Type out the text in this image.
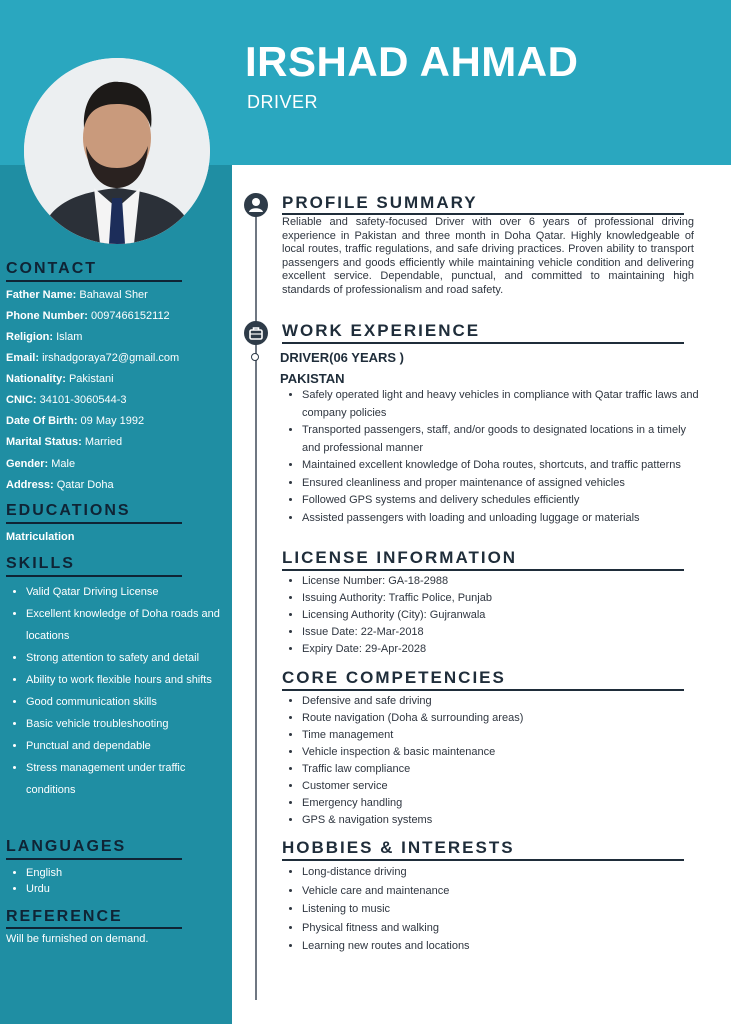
IRSHAD AHMAD
DRIVER
CONTACT
Father Name: Bahawal Sher
Phone Number: 0097466152112
Religion: Islam
Email: irshadgoraya72@gmail.com
Nationality: Pakistani
CNIC: 34101-3060544-3
Date Of Birth: 09 May 1992
Marital Status: Married
Gender: Male
Address: Qatar Doha
EDUCATIONS
Matriculation
SKILLS
• Valid Qatar Driving License
• Excellent knowledge of Doha roads and locations
• Strong attention to safety and detail
• Ability to work flexible hours and shifts
• Good communication skills
• Basic vehicle troubleshooting
• Punctual and dependable
• Stress management under traffic conditions
LANGUAGES
• English
• Urdu
REFERENCE
Will be furnished on demand.
PROFILE SUMMARY

Reliable and safety-focused Driver with over 6 years of professional driving experience in Pakistan and three month in Doha Qatar. Highly knowledgeable of local routes, traffic regulations, and safe driving practices. Proven ability to transport passengers and goods efficiently while maintaining vehicle condition and delivering excellent service. Dependable, punctual, and committed to maintaining high standards of professionalism and road safety.

WORK EXPERIENCE
DRIVER(06 YEARS )
PAKISTAN
• Safely operated light and heavy vehicles in compliance with Qatar traffic laws and company policies
• Transported passengers, staff, and/or goods to designated locations in a timely and professional manner
• Maintained excellent knowledge of Doha routes, shortcuts, and traffic patterns
• Ensured cleanliness and proper maintenance of assigned vehicles
• Followed GPS systems and delivery schedules efficiently
• Assisted passengers with loading and unloading luggage or materials
LICENSE INFORMATION
• License Number: GA-18-2988
• Issuing Authority: Traffic Police, Punjab
• Licensing Authority (City): Gujranwala
• Issue Date: 22-Mar-2018
• Expiry Date: 29-Apr-2028
CORE COMPETENCIES
• Defensive and safe driving
• Route navigation (Doha & surrounding areas)
• Time management
• Vehicle inspection & basic maintenance
• Traffic law compliance
• Customer service
• Emergency handling
• GPS & navigation systems
HOBBIES & INTERESTS
• Long-distance driving
• Vehicle care and maintenance
• Listening to music
• Physical fitness and walking
• Learning new routes and locations
